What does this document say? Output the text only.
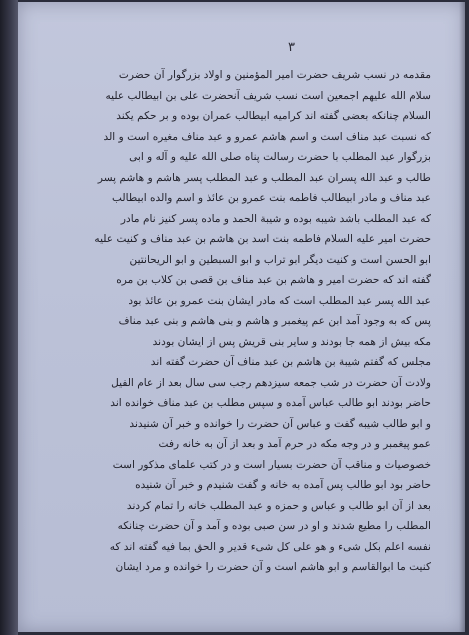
٣
مقدمه در نسب شریف حضرت امیر المؤمنین و اولاد بزرگوار آن حضرت
سلام الله علیهم اجمعین است نسب شریف آنحضرت علی بن ابیطالب علیه
السلام چنانکه بعضی گفته اند کرامیه ابیطالب عمران بوده و بر حکم یکند
که نسبت عبد مناف است و اسم هاشم عمرو و عبد مناف مغیره است و الد
بزرگوار عبد المطلب با حضرت رسالت پناه صلی الله علیه و آله و ابی
طالب و عبد الله پسران عبد المطلب و عبد المطلب پسر هاشم و هاشم پسر
عبد مناف و مادر ابیطالب فاطمه بنت عمرو بن عائذ و اسم والده ابیطالب
که عبد المطلب باشد شیبه بوده و شیبة الحمد و ماده پسر کنیز نام مادر
حضرت امیر علیه السلام فاطمه بنت اسد بن هاشم بن عبد مناف و کنیت علیه
ابو الحسن است و کنیت دیگر ابو تراب و ابو السبطین و ابو الریحانتین
گفته اند که حضرت امیر و هاشم بن عبد مناف بن قصی بن کلاب بن مره
عبد الله پسر عبد المطلب است که مادر ایشان بنت عمرو بن عائذ بود
پس که به وجود آمد ابن عم پیغمبر و هاشم و بنی هاشم و بنی عبد مناف
مکه بیش از همه جا بودند و سایر بنی قریش پس از ایشان بودند
مجلس که گفتم شیبة بن هاشم بن عبد مناف آن حضرت گفته اند
ولادت آن حضرت در شب جمعه سیزدهم رجب سی سال بعد از عام الفیل
حاضر بودند ابو طالب عباس آمده و سپس مطلب بن عبد مناف خوانده اند
و ابو طالب شیبه گفت و عباس آن حضرت را خوانده و خبر آن شنیدند
عمو پیغمبر و در وجه مکه در حرم آمد و بعد از آن به خانه رفت
خصوصیات و مناقب آن حضرت بسیار است و در کتب علمای مذکور است
حاضر بود ابو طالب پس آمده به خانه و گفت شنیدم و خبر آن شنیده
بعد از آن ابو طالب و عباس و حمزه و عبد المطلب خانه را تمام کردند
المطلب را مطیع شدند و او در سن صبی بوده و آمد و آن حضرت چنانکه
نفسه اعلم بکل شیء و هو علی کل شیء قدیر و الحق بما فیه گفته اند که
کنیت ما ابوالقاسم و ابو هاشم است و آن حضرت را خوانده و مرد ایشان
